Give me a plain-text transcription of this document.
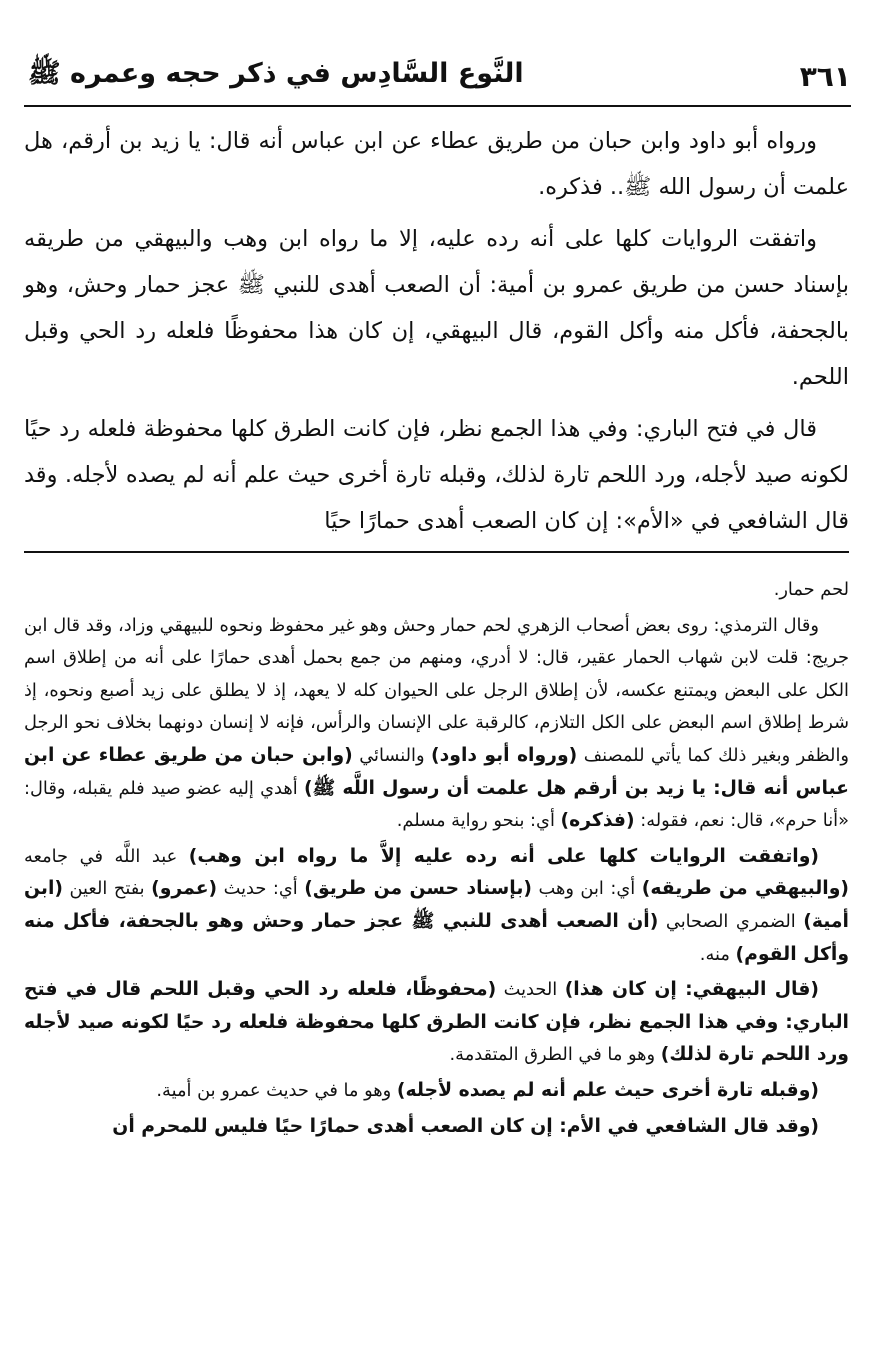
النَّوع السَّادِس في ذكر حجه وعمره ﷺ	٣٦١

ورواه أبو داود وابن حبان من طريق عطاء عن ابن عباس أنه قال: يا زيد بن أرقم، هل علمت أن رسول الله ﷺ.. فذكره.

واتفقت الروايات كلها على أنه رده عليه، إلا ما رواه ابن وهب والبيهقي من طريقه بإسناد حسن من طريق عمرو بن أمية: أن الصعب أهدى للنبي ﷺ عجز حمار وحش، وهو بالجحفة، فأكل منه وأكل القوم، قال البيهقي، إن كان هذا محفوظًا فلعله رد الحي وقبل اللحم.

قال في فتح الباري: وفي هذا الجمع نظر، فإن كانت الطرق كلها محفوظة فلعله رد حيًا لكونه صيد لأجله، ورد اللحم تارة لذلك، وقبله تارة أخرى حيث علم أنه لم يصده لأجله. وقد قال الشافعي في «الأم»: إن كان الصعب أهدى حمارًا حيًا

لحم حمار.

وقال الترمذي: روى بعض أصحاب الزهري لحم حمار وحش وهو غير محفوظ ونحوه للبيهقي وزاد، وقد قال ابن جريج: قلت لابن شهاب الحمار عقير، قال: لا أدري، ومنهم من جمع بحمل أهدى حمارًا على أنه من إطلاق اسم الكل على البعض ويمتنع عكسه، لأن إطلاق الرجل على الحيوان كله لا يعهد، إذ لا يطلق على زيد أصبع ونحوه، إذ شرط إطلاق اسم البعض على الكل التلازم، كالرقبة على الإنسان والرأس، فإنه لا إنسان دونهما بخلاف نحو الرجل والظفر وبغير ذلك كما يأتي للمصنف (ورواه أبو داود) والنسائي (وابن حبان من طريق عطاء عن ابن عباس أنه قال: يا زيد بن أرقم هل علمت أن رسول اللَّه ﷺ) أهدي إليه عضو صيد فلم يقبله، وقال: «أنا حرم»، قال: نعم، فقوله: (فذكره) أي: بنحو رواية مسلم.

(واتفقت الروايات كلها على أنه رده عليه إلاَّ ما رواه ابن وهب) عبد اللَّه في جامعه (والبيهقي من طريقه) أي: ابن وهب (بإسناد حسن من طريق) أي: حديث (عمرو) بفتح العين (ابن أمية) الضمري الصحابي (أن الصعب أهدى للنبي ﷺ عجز حمار وحش وهو بالجحفة، فأكل منه وأكل القوم) منه.

(قال البيهقي: إن كان هذا) الحديث (محفوظًا، فلعله رد الحي وقبل اللحم قال في فتح الباري: وفي هذا الجمع نظر، فإن كانت الطرق كلها محفوظة فلعله رد حيًا لكونه صيد لأجله ورد اللحم تارة لذلك) وهو ما في الطرق المتقدمة.

(وقبله تارة أخرى حيث علم أنه لم يصده لأجله) وهو ما في حديث عمرو بن أمية.

(وقد قال الشافعي في الأم: إن كان الصعب أهدى حمارًا حيًا فليس للمحرم أن
